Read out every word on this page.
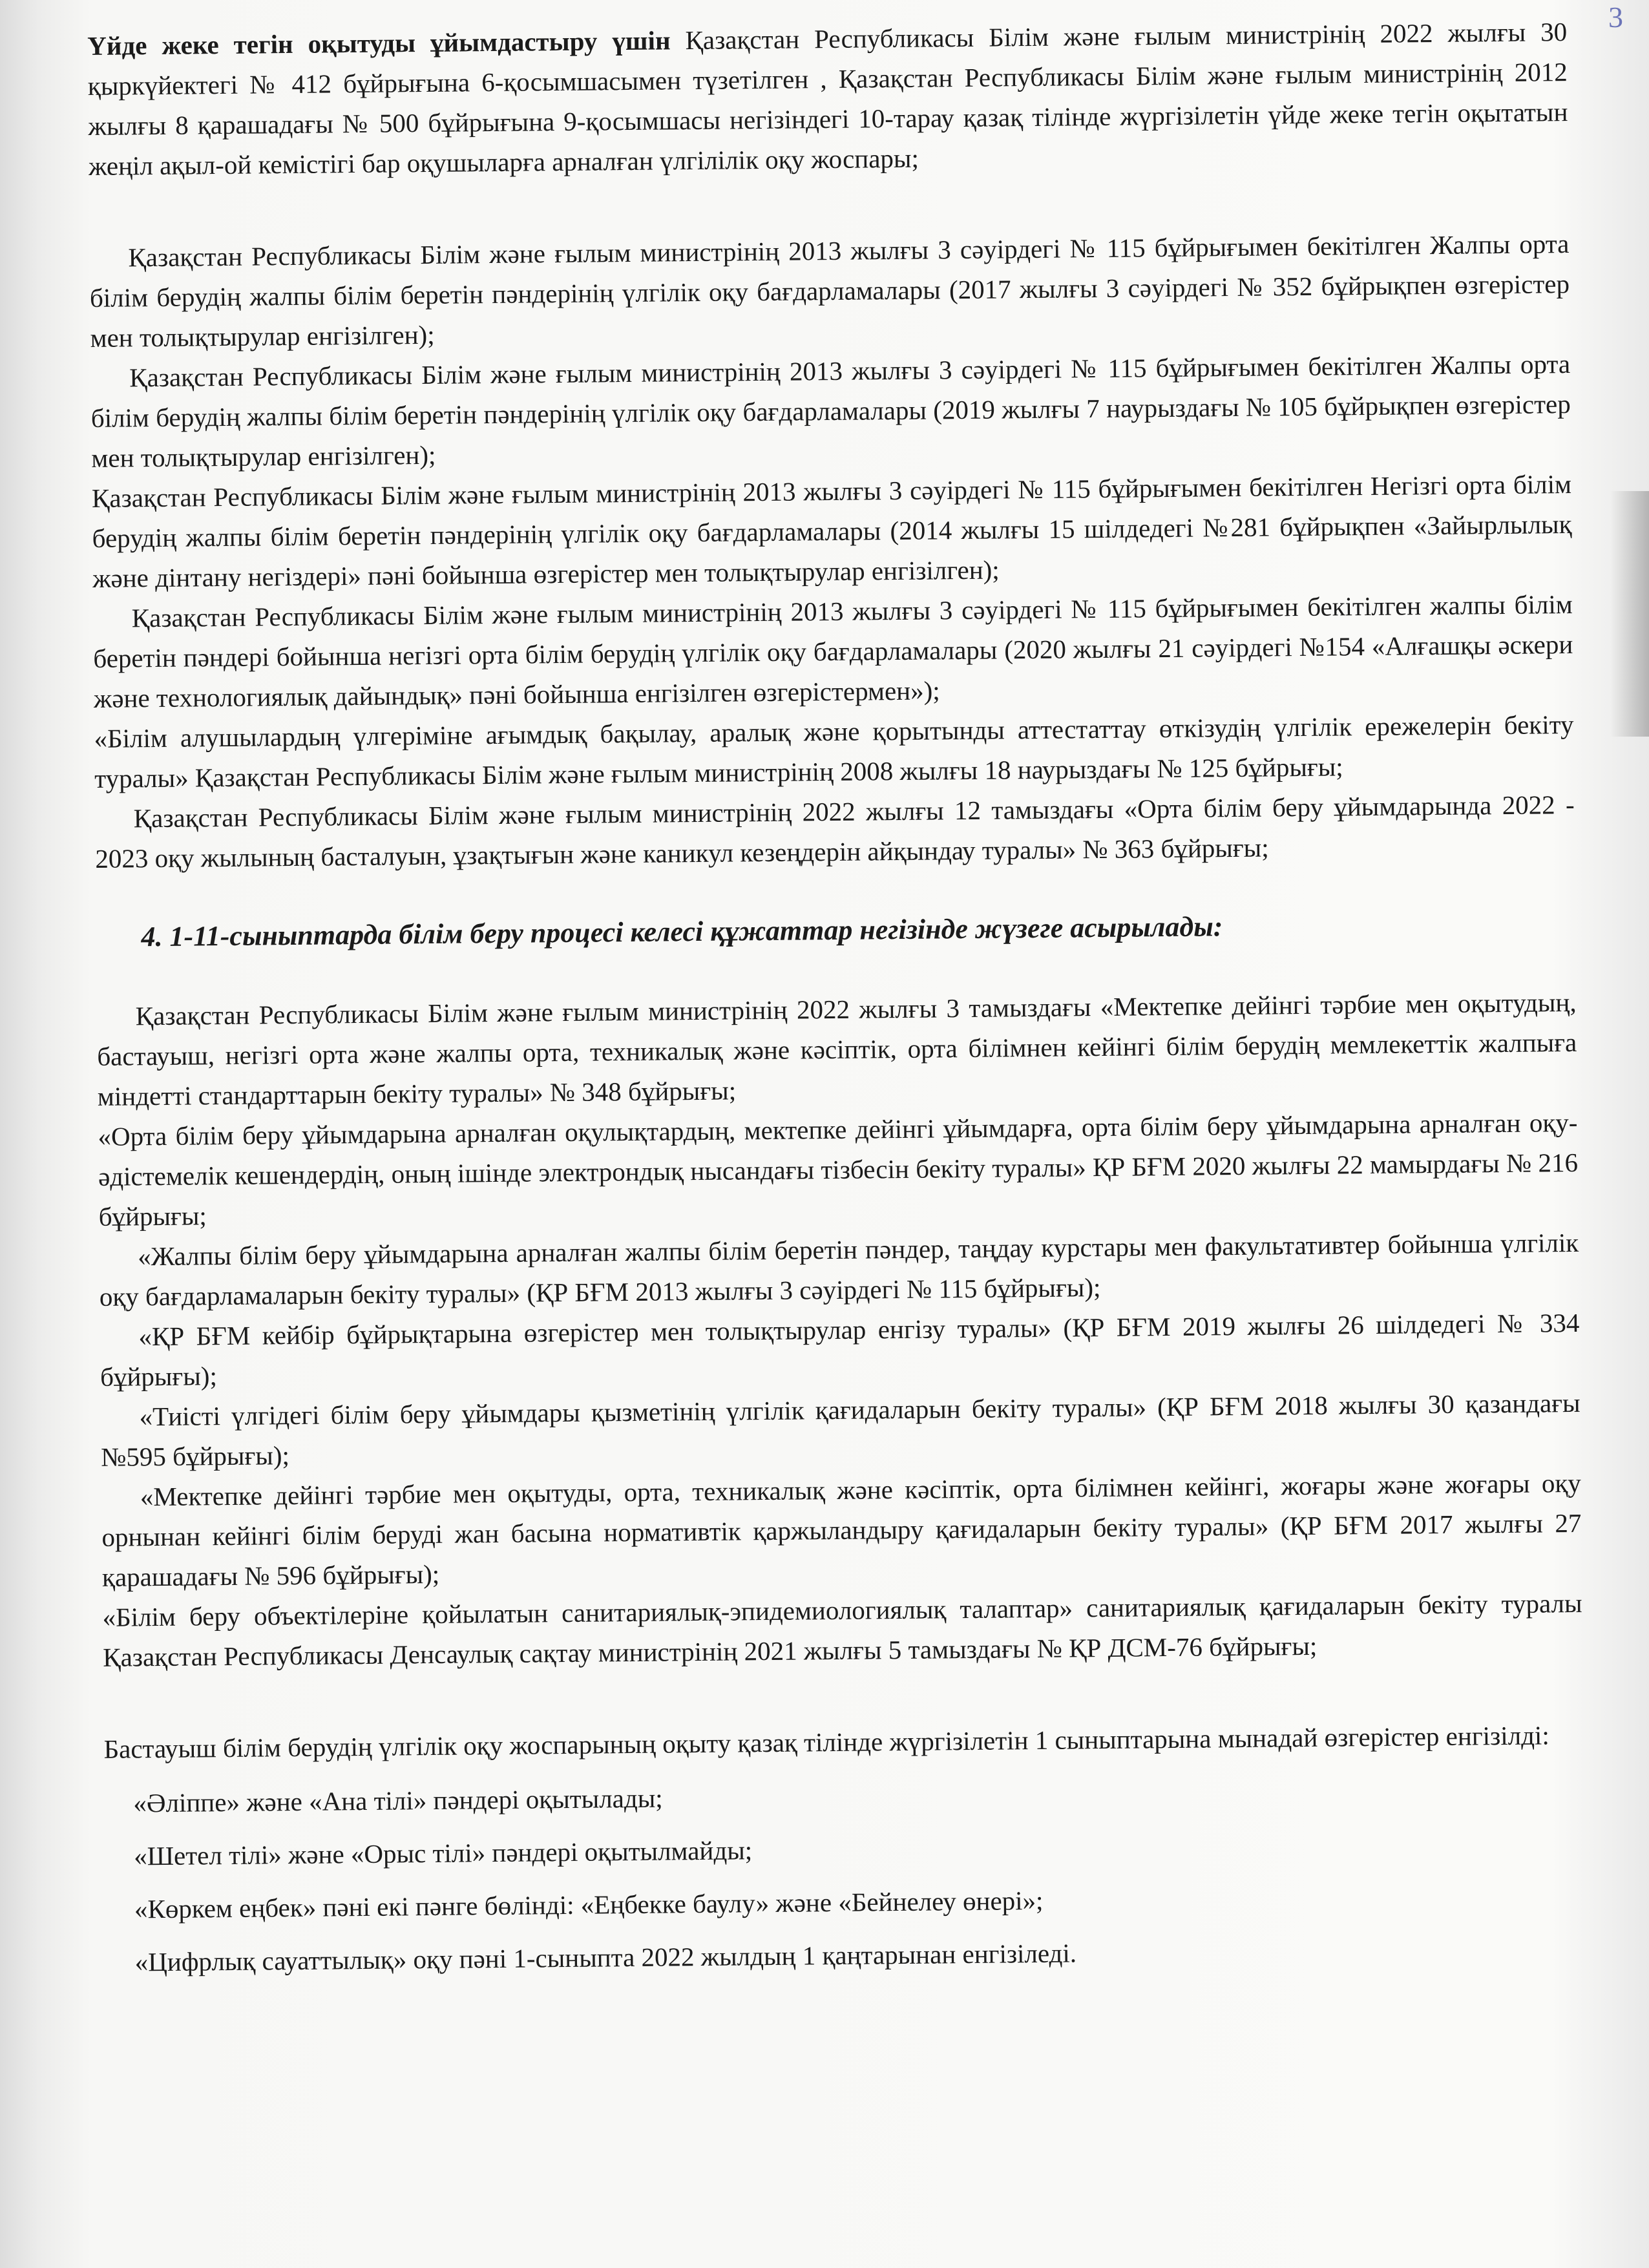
3

Үйде жеке тегін оқытуды ұйымдастыру үшін Қазақстан Республикасы Білім және ғылым министрінің 2022 жылғы 30 қыркүйектегі № 412 бұйрығына 6-қосымшасымен түзетілген , Қазақстан Республикасы Білім және ғылым министрінің 2012 жылғы 8 қарашадағы № 500 бұйрығына 9-қосымшасы негізіндегі 10-тарау қазақ тілінде жүргізілетін үйде жеке тегін оқытатын жеңіл ақыл-ой кемістігі бар оқушыларға арналған үлгілілік оқу жоспары;

Қазақстан Республикасы Білім және ғылым министрінің 2013 жылғы 3 сәуірдегі № 115 бұйрығымен бекітілген Жалпы орта білім берудің жалпы білім беретін пәндерінің үлгілік оқу бағдарламалары (2017 жылғы 3 сәуірдегі № 352 бұйрықпен өзгерістер мен толықтырулар енгізілген);

Қазақстан Республикасы Білім және ғылым министрінің 2013 жылғы 3 сәуірдегі № 115 бұйрығымен бекітілген Жалпы орта білім берудің жалпы білім беретін пәндерінің үлгілік оқу бағдарламалары (2019 жылғы 7 наурыздағы № 105 бұйрықпен өзгерістер мен толықтырулар енгізілген);

Қазақстан Республикасы Білім және ғылым министрінің 2013 жылғы 3 сәуірдегі № 115 бұйрығымен бекітілген Негізгі орта білім берудің жалпы білім беретін пәндерінің үлгілік оқу бағдарламалары (2014 жылғы 15 шілдедегі №281 бұйрықпен «Зайырлылық және дінтану негіздері» пәні бойынша өзгерістер мен толықтырулар енгізілген);

Қазақстан Республикасы Білім және ғылым министрінің 2013 жылғы 3 сәуірдегі № 115 бұйрығымен бекітілген жалпы білім беретін пәндері бойынша негізгі орта білім берудің үлгілік оқу бағдарламалары (2020 жылғы 21 сәуірдегі №154 «Алғашқы әскери және технологиялық дайындық» пәні бойынша енгізілген өзгерістермен»);

«Білім алушылардың үлгеріміне ағымдық бақылау, аралық және қорытынды аттестаттау өткізудің үлгілік ережелерін бекіту туралы» Қазақстан Республикасы Білім және ғылым министрінің 2008 жылғы 18 наурыздағы № 125 бұйрығы;

Қазақстан Республикасы Білім және ғылым министрінің 2022 жылғы 12 тамыздағы «Орта білім беру ұйымдарында 2022 - 2023 оқу жылының басталуын, ұзақтығын және каникул кезеңдерін айқындау туралы» № 363 бұйрығы;

4. 1-11-сыныптарда білім беру процесі келесі құжаттар негізінде жүзеге асырылады:

Қазақстан Республикасы Білім және ғылым министрінің 2022 жылғы 3 тамыздағы «Мектепке дейінгі тәрбие мен оқытудың, бастауыш, негізгі орта және жалпы орта, техникалық және кәсіптік, орта білімнен кейінгі білім берудің мемлекеттік жалпыға міндетті стандарттарын бекіту туралы» № 348 бұйрығы;

«Орта білім беру ұйымдарына арналған оқулықтардың, мектепке дейінгі ұйымдарға, орта білім беру ұйымдарына арналған оқу-әдістемелік кешендердің, оның ішінде электрондық нысандағы тізбесін бекіту туралы» ҚР БҒМ 2020 жылғы 22 мамырдағы № 216 бұйрығы;

«Жалпы білім беру ұйымдарына арналған жалпы білім беретін пәндер, таңдау курстары мен факультативтер бойынша үлгілік оқу бағдарламаларын бекіту туралы» (ҚР БҒМ 2013 жылғы 3 сәуірдегі № 115 бұйрығы);

«ҚР БҒМ кейбір бұйрықтарына өзгерістер мен толықтырулар енгізу туралы» (ҚР БҒМ 2019 жылғы 26 шілдедегі № 334 бұйрығы);

«Тиісті үлгідегі білім беру ұйымдары қызметінің үлгілік қағидаларын бекіту туралы» (ҚР БҒМ 2018 жылғы 30 қазандағы №595 бұйрығы);

«Мектепке дейінгі тәрбие мен оқытуды, орта, техникалық және кәсіптік, орта білімнен кейінгі, жоғары және жоғары оқу орнынан кейінгі білім беруді жан басына нормативтік қаржыландыру қағидаларын бекіту туралы» (ҚР БҒМ 2017 жылғы 27 қарашадағы № 596 бұйрығы);

«Білім беру объектілеріне қойылатын санитариялық-эпидемиологиялық талаптар» санитариялық қағидаларын бекіту туралы Қазақстан Республикасы Денсаулық сақтау министрінің 2021 жылғы 5 тамыздағы № ҚР ДСМ-76 бұйрығы;

Бастауыш білім берудің үлгілік оқу жоспарының оқыту қазақ тілінде жүргізілетін 1 сыныптарына мынадай өзгерістер енгізілді:

«Әліппе» және «Ана тілі» пәндері оқытылады;

«Шетел тілі» және «Орыс тілі» пәндері оқытылмайды;

«Көркем еңбек» пәні екі пәнге бөлінді: «Еңбекке баулу» және «Бейнелеу өнері»;

«Цифрлық сауаттылық» оқу пәні 1-сыныпта 2022 жылдың 1 қаңтарынан енгізіледі.
